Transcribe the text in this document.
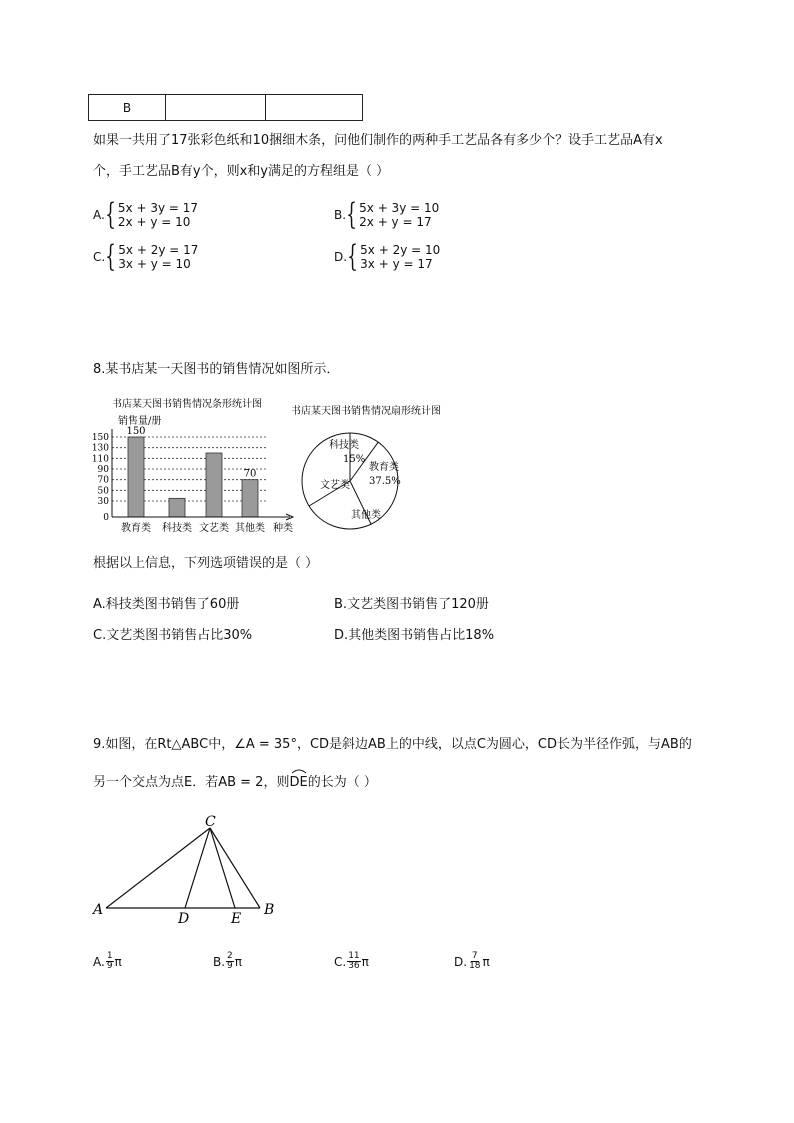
B
如果一共用了17张彩色纸和10捆细木条，问他们制作的两种手工艺品各有多少个？设手工艺品A有x
个，手工艺品B有y个，则x和y满足的方程组是（ ）
A. { 5x + 3y = 17
2x + y = 10	B. { 5x + 3y = 10
2x + y = 17
C. { 5x + 2y = 17
3x + y = 10	D. { 5x + 2y = 10
3x + y = 17
8.某书店某一天图书的销售情况如图所示．
书店某天图书销售情况条形统计图
销售量/册
0
30
50
70
90
110
130
150
150
70
教育类 科技类 文艺类 其他类 种类
书店某天图书销售情况扇形统计图
科技类
15%
教育类
37.5%
其他类
文艺类
根据以上信息，下列选项错误的是（ ）
A.科技类图书销售了60册	B.文艺类图书销售了120册
C.文艺类图书销售占比30%	D.其他类图书销售占比18%
9.如图，在Rt△ABC中，∠A = 35°，CD是斜边AB上的中线，以点C为圆心，CD长为半径作弧，与AB的
另一个交点为点E．若AB = 2，则
DE的长为（ ）
C
A	B
D	E
A. $\frac{1}{9}$ π	B. $\frac{2}{9}$ π	C. $\frac{11}{36}$ π	D. $\frac{7}{18}$ π
